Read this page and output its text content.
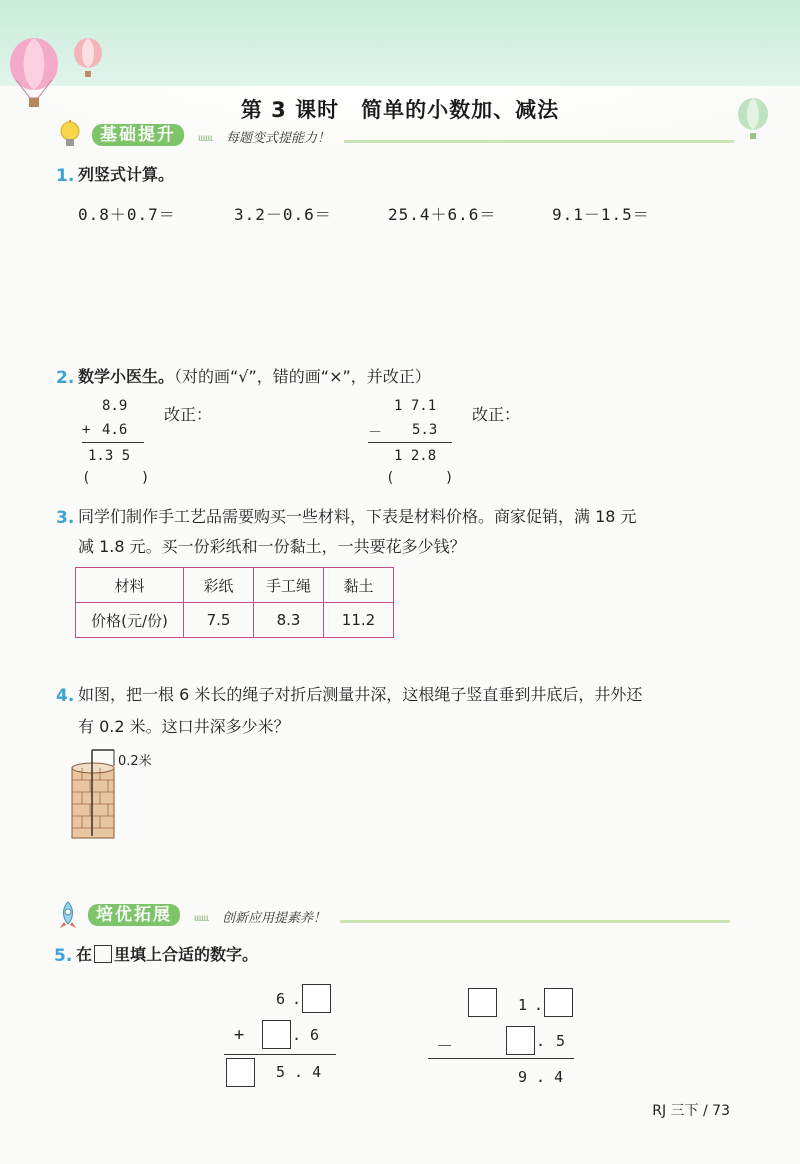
第 3 课时 简单的小数加、减法
基础提升	ιιιιιι 每题变式提能力！
1. 列竖式计算。
0.8＋0.7＝	3.2－0.6＝	25.4＋6.6＝	9.1－1.5＝
2. 数学小医生。（对的画“√”，错的画“×”，并改正）
8.9
+ 4.6
1.3 5
(      )
改正：	1 7.1
－ 5.3
1 2.8
(      )
改正：
3. 同学们制作手工艺品需要购买一些材料，下表是材料价格。商家促销，满 18 元
减 1.8 元。买一份彩纸和一份黏土，一共要花多少钱？
材料	彩纸	手工绳	黏土
价格(元/份)	7.5	8.3	11.2
4. 如图，把一根 6 米长的绳子对折后测量井深，这根绳子竖直垂到井底后，井外还
有 0.2 米。这口井深多少米？
0.2米
培优拓展	ιιιιιι 创新应用提素养！
5. 在 里填上合适的数字。
6 .
+	. 6
5 . 4
1 .
－	. 5
9 . 4
RJ 三下 / 73
